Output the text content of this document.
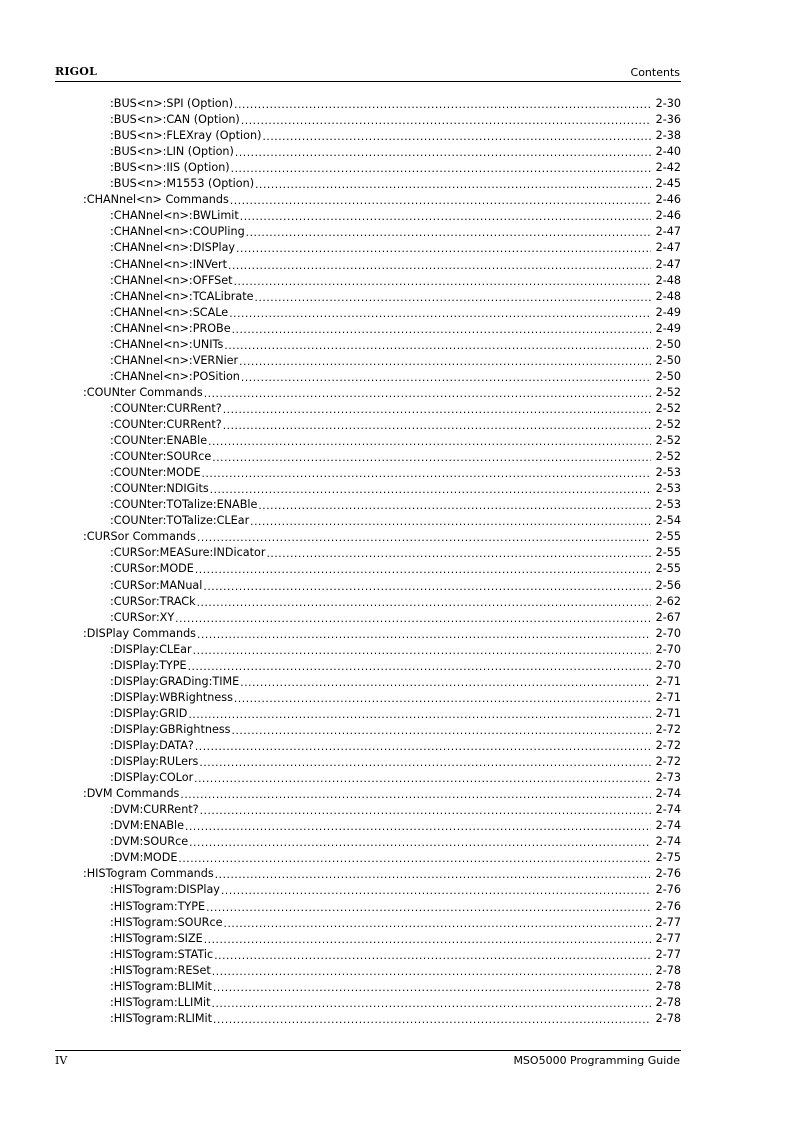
RIGOL	Contents
:BUS<n>:SPI (Option) .....	2-30
:BUS<n>:CAN (Option) .....	2-36
:BUS<n>:FLEXray (Option) .....	2-38
:BUS<n>:LIN (Option) .....	2-40
:BUS<n>:IIS (Option) .....	2-42
:BUS<n>:M1553 (Option) .....	2-45
:CHANnel<n> Commands .....	2-46
:CHANnel<n>:BWLimit .....	2-46
:CHANnel<n>:COUPling .....	2-47
:CHANnel<n>:DISPlay .....	2-47
:CHANnel<n>:INVert .....	2-47
:CHANnel<n>:OFFSet .....	2-48
:CHANnel<n>:TCALibrate .....	2-48
:CHANnel<n>:SCALe .....	2-49
:CHANnel<n>:PROBe .....	2-49
:CHANnel<n>:UNITs .....	2-50
:CHANnel<n>:VERNier .....	2-50
:CHANnel<n>:POSition .....	2-50
:COUNter Commands .....	2-52
:COUNter:CURRent? .....	2-52
:COUNter:CURRent? .....	2-52
:COUNter:ENABle .....	2-52
:COUNter:SOURce .....	2-52
:COUNter:MODE .....	2-53
:COUNter:NDIGits .....	2-53
:COUNter:TOTalize:ENABle .....	2-53
:COUNter:TOTalize:CLEar .....	2-54
:CURSor Commands .....	2-55
:CURSor:MEASure:INDicator .....	2-55
:CURSor:MODE .....	2-55
:CURSor:MANual .....	2-56
:CURSor:TRACk .....	2-62
:CURSor:XY .....	2-67
:DISPlay Commands .....	2-70
:DISPlay:CLEar .....	2-70
:DISPlay:TYPE .....	2-70
:DISPlay:GRADing:TIME .....	2-71
:DISPlay:WBRightness .....	2-71
:DISPlay:GRID .....	2-71
:DISPlay:GBRightness .....	2-72
:DISPlay:DATA? .....	2-72
:DISPlay:RULers .....	2-72
:DISPlay:COLor .....	2-73
:DVM Commands .....	2-74
:DVM:CURRent? .....	2-74
:DVM:ENABle .....	2-74
:DVM:SOURce .....	2-74
:DVM:MODE .....	2-75
:HISTogram Commands .....	2-76
:HISTogram:DISPlay .....	2-76
:HISTogram:TYPE .....	2-76
:HISTogram:SOURce .....	2-77
:HISTogram:SIZE .....	2-77
:HISTogram:STATic .....	2-77
:HISTogram:RESet .....	2-78
:HISTogram:BLIMit .....	2-78
:HISTogram:LLIMit .....	2-78
:HISTogram:RLIMit .....	2-78
IV	MSO5000 Programming Guide
